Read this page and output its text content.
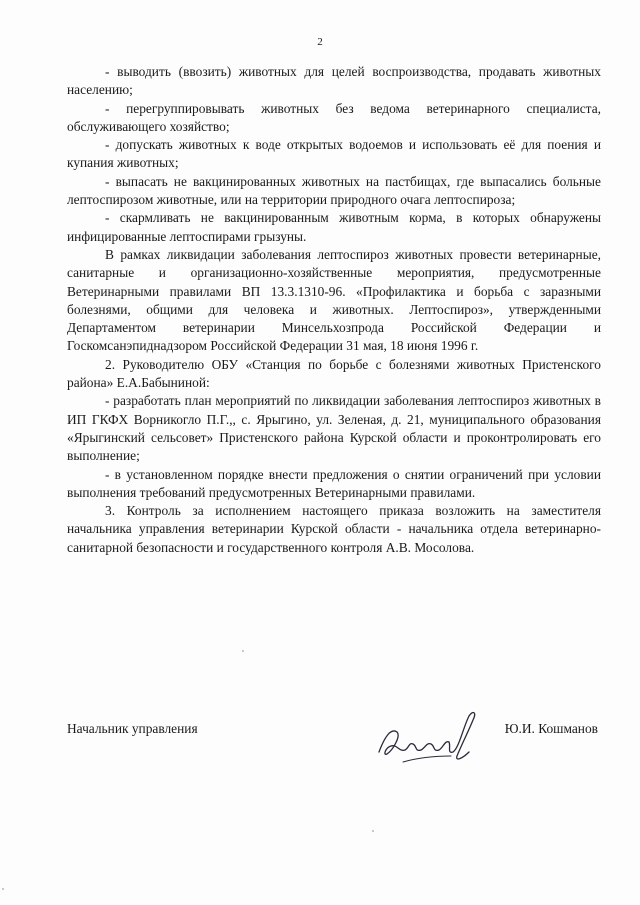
2

- выводить (ввозить) животных для целей воспроизводства, продавать животных населению;

- перегруппировывать животных без ведома ветеринарного специалиста, обслуживающего хозяйство;

- допускать животных к воде открытых водоемов и использовать её для поения и купания животных;

- выпасать не вакцинированных животных на пастбищах, где выпасались больные лептоспирозом животные, или на территории природного очага лептоспироза;

- скармливать не вакцинированным животным корма, в которых обнаружены инфицированные лептоспирами грызуны.

В рамках ликвидации заболевания лептоспироз животных провести ветеринарные, санитарные и организационно-хозяйственные мероприятия, предусмотренные Ветеринарными правилами ВП 13.3.1310-96. «Профилактика и борьба с заразными болезнями, общими для человека и животных. Лептоспироз», утвержденными Департаментом ветеринарии Минсельхозпрода Российской Федерации и Госкомсанэпиднадзором Российской Федерации 31 мая, 18 июня 1996 г.

2. Руководителю ОБУ «Станция по борьбе с болезнями животных Пристенского района» Е.А.Бабыниной:

- разработать план мероприятий по ликвидации заболевания лептоспироз животных в ИП ГКФХ Ворникогло П.Г.,, с. Ярыгино, ул. Зеленая, д. 21, муниципального образования «Ярыгинский сельсовет» Пристенского района Курской области и проконтролировать его выполнение;

- в установленном порядке внести предложения о снятии ограничений при условии выполнения требований предусмотренных Ветеринарными правилами.

3. Контроль за исполнением настоящего приказа возложить на заместителя начальника управления ветеринарии Курской области - начальника отдела ветеринарно-санитарной безопасности и государственного контроля А.В. Мосолова.

Начальник управления	Ю.И. Кошманов
